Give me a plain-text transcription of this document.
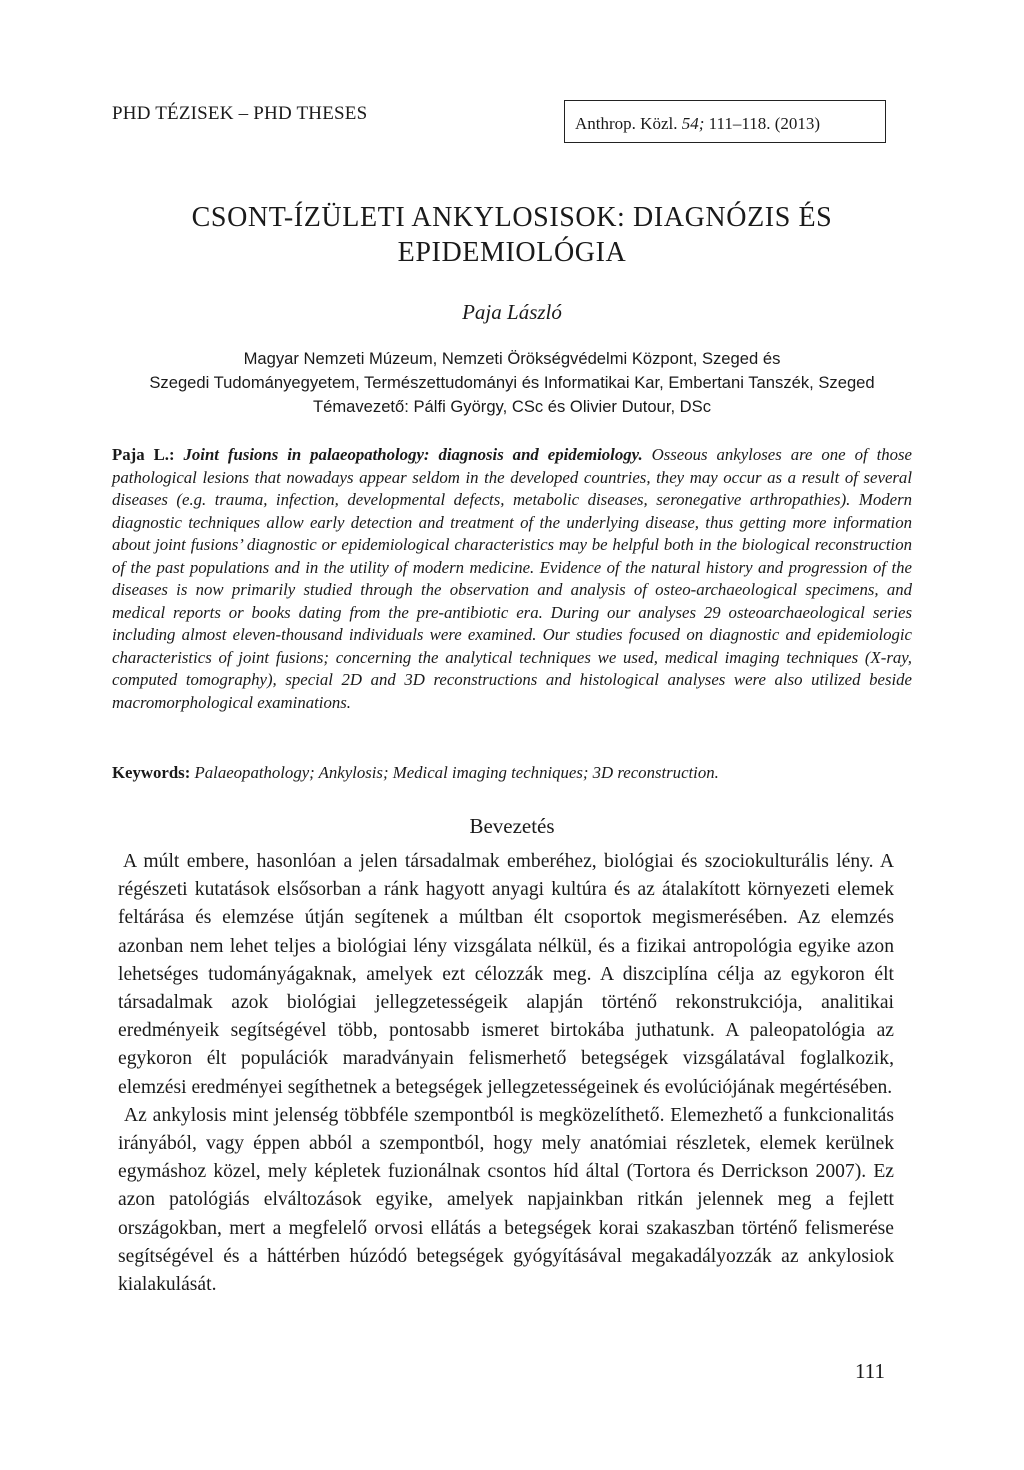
PHD TÉZISEK – PHD THESES	Anthrop. Közl. 54; 111–118. (2013)
CSONT-ÍZÜLETI ANKYLOSISOK: DIAGNÓZIS ÉS
EPIDEMIOLÓGIA
Paja László
Magyar Nemzeti Múzeum, Nemzeti Örökségvédelmi Központ, Szeged és
Szegedi Tudományegyetem, Természettudományi és Informatikai Kar, Embertani Tanszék, Szeged
Témavezető: Pálfi György, CSc és Olivier Dutour, DSc
Paja L.: Joint fusions in palaeopathology: diagnosis and epidemiology. Osseous ankyloses are one of those pathological lesions that nowadays appear seldom in the developed countries, they may occur as a result of several diseases (e.g. trauma, infection, developmental defects, metabolic diseases, seronegative arthropathies). Modern diagnostic techniques allow early detection and treatment of the underlying disease, thus getting more information about joint fusions’ diagnostic or epidemiological characteristics may be helpful both in the biological reconstruction of the past populations and in the utility of modern medicine. Evidence of the natural history and progression of the diseases is now primarily studied through the observation and analysis of osteo-archaeological specimens, and medical reports or books dating from the pre-antibiotic era. During our analyses 29 osteoarchaeological series including almost eleven-thousand individuals were examined. Our studies focused on diagnostic and epidemiologic characteristics of joint fusions; concerning the analytical techniques we used, medical imaging techniques (X-ray, computed tomography), special 2D and 3D reconstructions and histological analyses were also utilized beside macromorphological examinations.
Keywords: Palaeopathology; Ankylosis; Medical imaging techniques; 3D reconstruction.
Bevezetés

A múlt embere, hasonlóan a jelen társadalmak emberéhez, biológiai és szociokulturális lény. A régészeti kutatások elsősorban a ránk hagyott anyagi kultúra és az átalakított környezeti elemek feltárása és elemzése útján segítenek a múltban élt csoportok megismerésében. Az elemzés azonban nem lehet teljes a biológiai lény vizsgálata nélkül, és a fizikai antropológia egyike azon lehetséges tudományágaknak, amelyek ezt célozzák meg. A diszciplína célja az egykoron élt társadalmak azok biológiai jellegzetességeik alapján történő rekonstrukciója, analitikai eredményeik segítségével több, pontosabb ismeret birtokába juthatunk. A paleopatológia az egykoron élt populációk maradványain felismerhető betegségek vizsgálatával foglalkozik, elemzési eredményei segíthetnek a betegségek jellegzetességeinek és evolúciójának megértésében.

Az ankylosis mint jelenség többféle szempontból is megközelíthető. Elemezhető a funkcionalitás irányából, vagy éppen abból a szempontból, hogy mely anatómiai részletek, elemek kerülnek egymáshoz közel, mely képletek fuzionálnak csontos híd által (Tortora és Derrickson 2007). Ez azon patológiás elváltozások egyike, amelyek napjainkban ritkán jelennek meg a fejlett országokban, mert a megfelelő orvosi ellátás a betegségek korai szakaszban történő felismerése segítségével és a háttérben húzódó betegségek gyógyításával megakadályozzák az ankylosiok kialakulását.

111
